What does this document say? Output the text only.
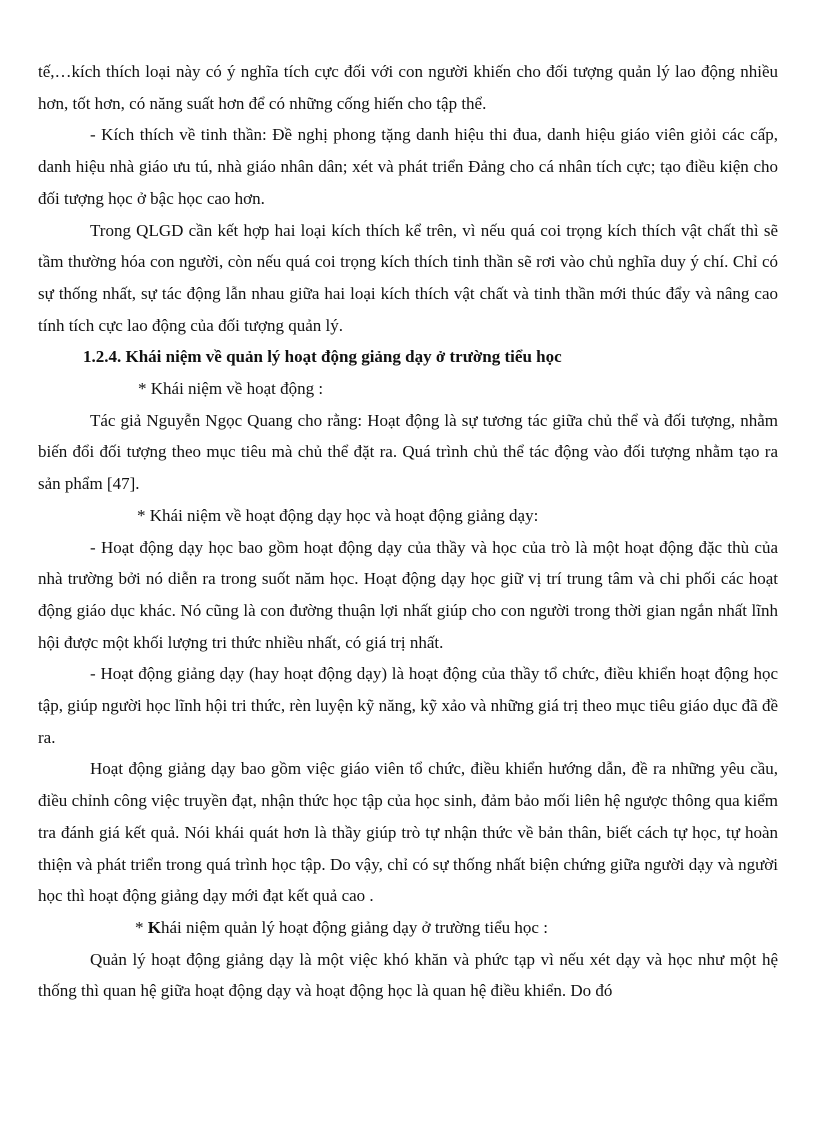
tế,…kích thích loại này có ý nghĩa tích cực đối với con người khiến cho đối tượng quản lý lao động nhiều hơn, tốt hơn, có năng suất hơn để có những cống hiến cho tập thể.

- Kích thích về tinh thần: Đề nghị phong tặng danh hiệu thi đua, danh hiệu giáo viên giỏi các cấp, danh hiệu nhà giáo ưu tú, nhà giáo nhân dân; xét và phát triển Đảng cho cá nhân tích cực; tạo điều kiện cho đối tượng học ở bậc học cao hơn.

Trong QLGD cần kết hợp hai loại kích thích kể trên, vì nếu quá coi trọng kích thích vật chất thì sẽ tầm thường hóa con người, còn nếu quá coi trọng kích thích tinh thần sẽ rơi vào chủ nghĩa duy ý chí. Chỉ có sự thống nhất, sự tác động lẫn nhau giữa hai loại kích thích vật chất và tinh thần mới thúc đẩy và nâng cao tính tích cực lao động của đối tượng quản lý.

1.2.4. Khái niệm về quản lý hoạt động giảng dạy ở trường tiểu học

* Khái niệm về hoạt động :

Tác giả Nguyễn Ngọc Quang cho rằng: Hoạt động là sự tương tác giữa chủ thể và đối tượng, nhằm biến đổi đối tượng theo mục tiêu mà chủ thể đặt ra. Quá trình chủ thể tác động vào đối tượng nhằm tạo ra sản phẩm [47].

* Khái niệm về hoạt động dạy học và hoạt động giảng dạy:

- Hoạt động dạy học bao gồm hoạt động dạy của thầy và học của trò là một hoạt động đặc thù của nhà trường bởi nó diễn ra trong suốt năm học. Hoạt động dạy học giữ vị trí trung tâm và chi phối các hoạt động giáo dục khác. Nó cũng là con đường thuận lợi nhất giúp cho con người trong thời gian ngắn nhất lĩnh hội được một khối lượng tri thức nhiều nhất, có giá trị nhất.

- Hoạt động giảng dạy (hay hoạt động dạy) là hoạt động của thầy tổ chức, điều khiển hoạt động học tập, giúp người học lĩnh hội tri thức, rèn luyện kỹ năng, kỹ xảo và những giá trị theo mục tiêu giáo dục đã đề ra.

Hoạt động giảng dạy bao gồm việc giáo viên tổ chức, điều khiển hướng dẫn, đề ra những yêu cầu, điều chỉnh công việc truyền đạt, nhận thức học tập của học sinh, đảm bảo mối liên hệ ngược thông qua kiểm tra đánh giá kết quả. Nói khái quát hơn là thầy giúp trò tự nhận thức về bản thân, biết cách tự học, tự hoàn thiện và phát triển trong quá trình học tập. Do vậy, chỉ có sự thống nhất biện chứng giữa người dạy và người học thì hoạt động giảng dạy mới đạt kết quả cao .

* Khái niệm quản lý hoạt động giảng dạy ở trường tiểu học :

Quản lý hoạt động giảng dạy là một việc khó khăn và phức tạp vì nếu xét dạy và học như một hệ thống thì quan hệ giữa hoạt động dạy và hoạt động học là quan hệ điều khiển. Do đó
